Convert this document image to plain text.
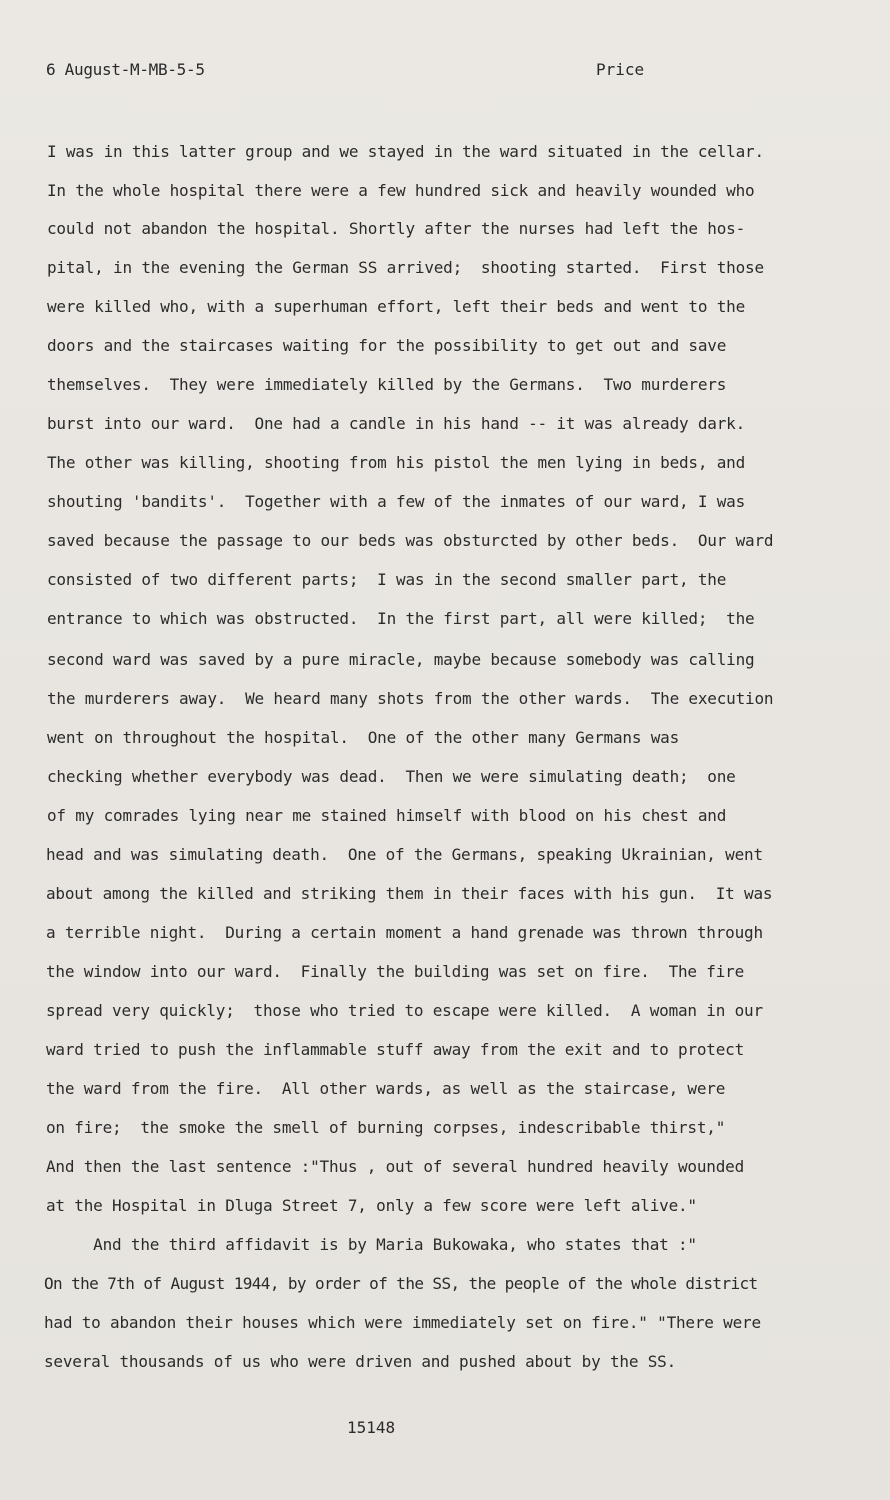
6 August-M-MB-5-5	Price
I was in this latter group and we stayed in the ward situated in the cellar.
In the whole hospital there were a few hundred sick and heavily wounded who
could not abandon the hospital. Shortly after the nurses had left the hos-
pital, in the evening the German SS arrived;  shooting started.  First those
were killed who, with a superhuman effort, left their beds and went to the
doors and the staircases waiting for the possibility to get out and save
themselves.  They were immediately killed by the Germans.  Two murderers
burst into our ward.  One had a candle in his hand -- it was already dark.
The other was killing, shooting from his pistol the men lying in beds, and
shouting 'bandits'.  Together with a few of the inmates of our ward, I was
saved because the passage to our beds was obsturcted by other beds.  Our ward
consisted of two different parts;  I was in the second smaller part, the
entrance to which was obstructed.  In the first part, all were killed;  the
second ward was saved by a pure miracle, maybe because somebody was calling
the murderers away.  We heard many shots from the other wards.  The execution
went on throughout the hospital.  One of the other many Germans was
checking whether everybody was dead.  Then we were simulating death;  one
of my comrades lying near me stained himself with blood on his chest and
head and was simulating death.  One of the Germans, speaking Ukrainian, went
about among the killed and striking them in their faces with his gun.  It was
a terrible night.  During a certain moment a hand grenade was thrown through
the window into our ward.  Finally the building was set on fire.  The fire
spread very quickly;  those who tried to escape were killed.  A woman in our
ward tried to push the inflammable stuff away from the exit and to protect
the ward from the fire.  All other wards, as well as the staircase, were
on fire;  the smoke the smell of burning corpses, indescribable thirst,"
And then the last sentence :"Thus , out of several hundred heavily wounded
at the Hospital in Dluga Street 7, only a few score were left alive."
And the third affidavit is by Maria Bukowaka, who states that :"
On the 7th of August 1944, by order of the SS, the people of the whole district
had to abandon their houses which were immediately set on fire." "There were
several thousands of us who were driven and pushed about by the SS.
15148
